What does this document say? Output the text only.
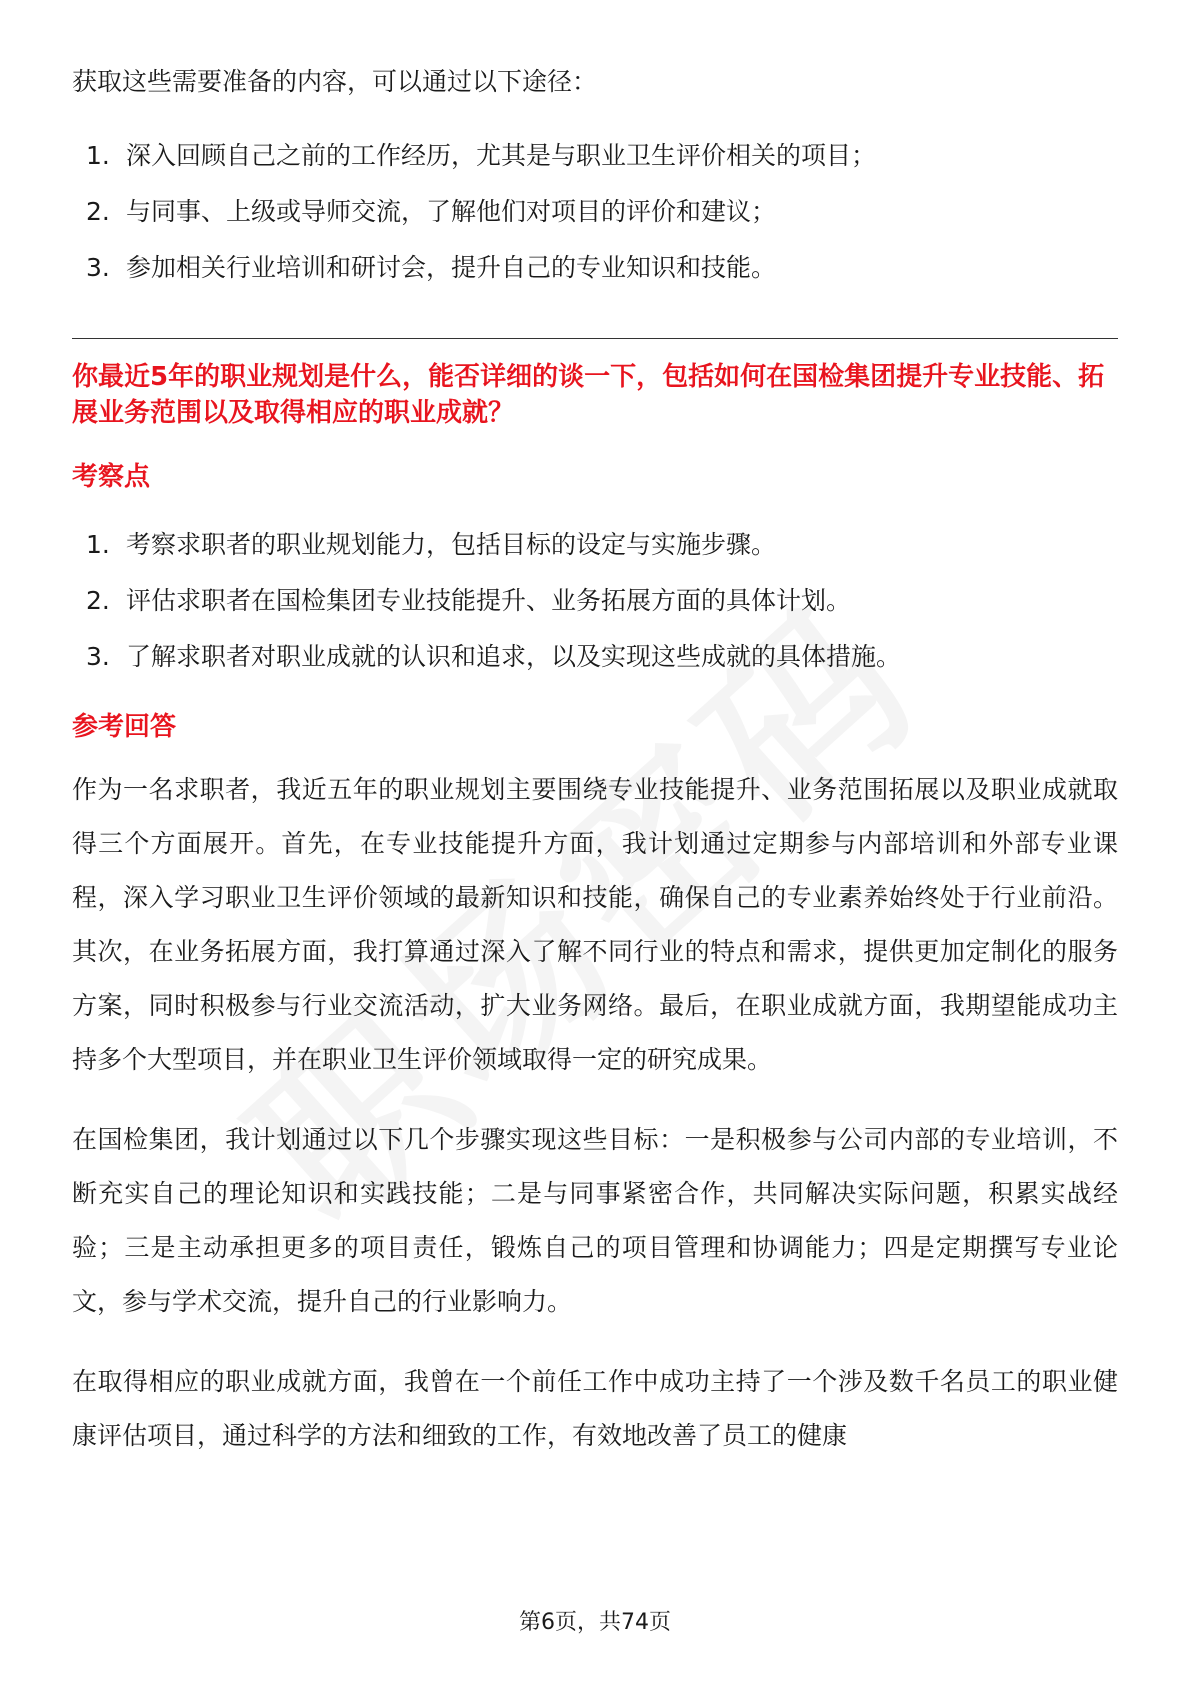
获取这些需要准备的内容，可以通过以下途径：

1. 深入回顾自己之前的工作经历，尤其是与职业卫生评价相关的项目；
2. 与同事、上级或导师交流，了解他们对项目的评价和建议；
3. 参加相关行业培训和研讨会，提升自己的专业知识和技能。
你最近5年的职业规划是什么，能否详细的谈一下，包括如何在国检集团提升专业技能、拓展业务范围以及取得相应的职业成就？
考察点
1. 考察求职者的职业规划能力，包括目标的设定与实施步骤。
2. 评估求职者在国检集团专业技能提升、业务拓展方面的具体计划。
3. 了解求职者对职业成就的认识和追求，以及实现这些成就的具体措施。
参考回答

作为一名求职者，我近五年的职业规划主要围绕专业技能提升、业务范围拓展以及职业成就取得三个方面展开。首先，在专业技能提升方面，我计划通过定期参与内部培训和外部专业课程，深入学习职业卫生评价领域的最新知识和技能，确保自己的专业素养始终处于行业前沿。其次，在业务拓展方面，我打算通过深入了解不同行业的特点和需求，提供更加定制化的服务方案，同时积极参与行业交流活动，扩大业务网络。最后，在职业成就方面，我期望能成功主持多个大型项目，并在职业卫生评价领域取得一定的研究成果。

在国检集团，我计划通过以下几个步骤实现这些目标：一是积极参与公司内部的专业培训，不断充实自己的理论知识和实践技能；二是与同事紧密合作，共同解决实际问题，积累实战经验；三是主动承担更多的项目责任，锻炼自己的项目管理和协调能力；四是定期撰写专业论文，参与学术交流，提升自己的行业影响力。

在取得相应的职业成就方面，我曾在一个前任工作中成功主持了一个涉及数千名员工的职业健康评估项目，通过科学的方法和细致的工作，有效地改善了员工的健康

第6页，共74页
